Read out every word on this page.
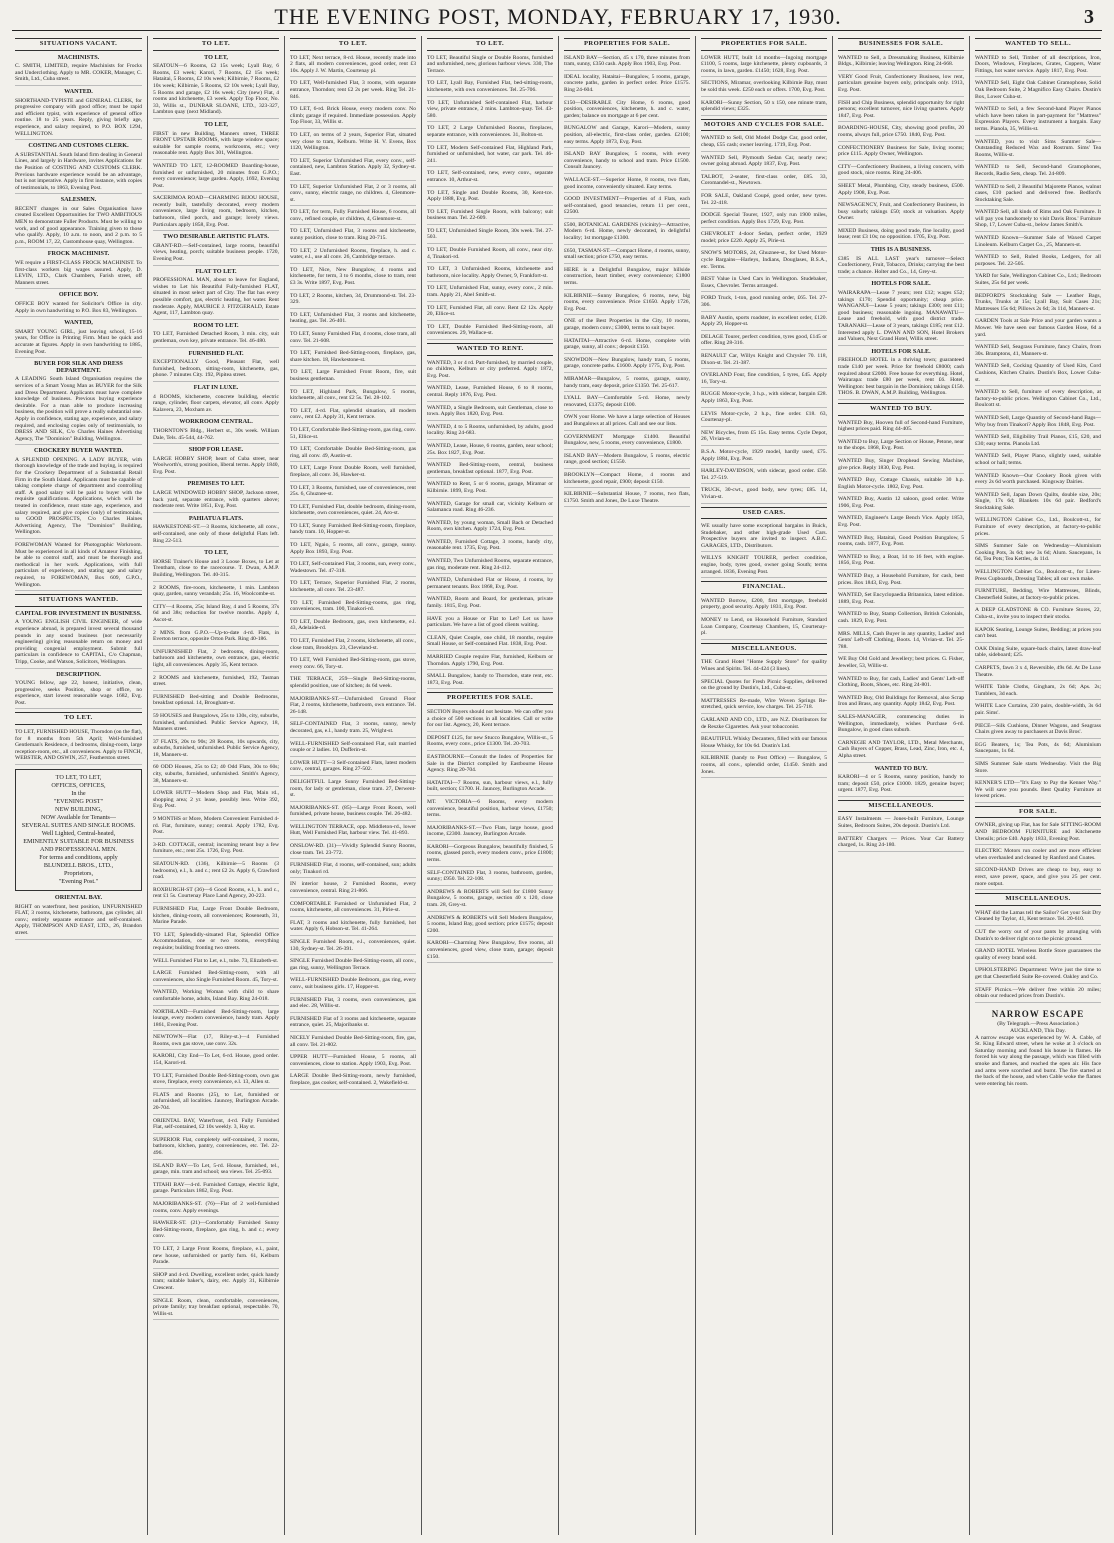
THE EVENING POST, MONDAY, FEBRUARY 17, 1930.	3
SITUATIONS VACANT.
MACHINISTS.
C. SMITH, LIMITED, require Machinists for Frocks and Underclothing. Apply to MR. COKER, Manager, C. Smith, Ltd., Cuba street.
WANTED.
SHORTHAND-TYPISTE and GENERAL CLERK, for progressive company with good office; must be rapid and efficient typist, with experience of general office routine. 18 to 25 years. Reply, giving briefly age, experience, and salary required, to P.O. BOX 1294, WELLINGTON.
COSTING AND CUSTOMS CLERK.
A SUBSTANTIAL South Island firm dealing in General Lines, and largely in Hardware, invites Applications for the Position of COSTING AND CUSTOMS CLERK. Previous hardware experience would be an advantage, but is not imperative. Apply in first instance, with copies of testimonials, to 1863, Evening Post.
SALESMEN.
RECENT changes in our Sales Organisation have created Excellent Opportunities for TWO AMBITIOUS MEN to demonstrate Fuller Products. Must be willing to work, and of good appearance. Training given to those who qualify. Apply, 10 a.m. to noon, and 2 p.m. to 5 p.m., ROOM 17, 22, Customhouse quay, Wellington.
FROCK MACHINIST.
WE require a FIRST-CLASS FROCK MACHINIST. To first-class workers big wages assured. Apply, D. LEVIN, LTD., Clark Chambers, Farish street, off Manners street.
OFFICE BOY.
OFFICE BOY wanted for Solicitor's Office in city. Apply in own handwriting to P.O. Box 83, Wellington.
WANTED,
SMART YOUNG GIRL, just leaving school, 15-16 years, for Office in Printing Firm. Must be quick and accurate at figures. Apply in own handwriting to 1885, Evening Post.
BUYER FOR SILK AND DRESS DEPARTMENT.
A LEADING South Island Organisation requires the services of a Smart Young Man as BUYER for the Silk and Dress Department. Applicants must have complete knowledge of business. Previous buying experience desirable. For a man able to produce increasing business, the position will prove a really substantial one. Apply in confidence, stating age, experience, and salary required, and enclosing copies only of testimonials, to DRESS AND SILK, C/o Charles Haines Advertising Agency, The "Dominion" Building, Wellington.
CROCKERY BUYER WANTED.
A SPLENDID OPENING. A LADY BUYER, with thorough knowledge of the trade and buying, is required for the Crockery Department of a Substantial Retail Firm in the South Island. Applicants must be capable of taking complete charge of department and controlling staff. A good salary will be paid to buyer with the requisite qualifications. Applications, which will be treated in confidence, must state age, experience, and salary required, and give copies (only) of testimonials, to GOOD PROSPECTS, C/o Charles Haines Advertising Agency, The "Dominion" Building, Wellington.
FOREWOMAN Wanted for Photographic Workroom. Must be experienced in all kinds of Amateur Finishing, be able to control staff, and must be thorough and methodical in her work. Applications, with full particulars of experience, and stating age and salary required, to FOREWOMAN, Box 609, G.P.O., Wellington.
SITUATIONS WANTED.
CAPITAL FOR INVESTMENT IN BUSINESS.
A YOUNG ENGLISH CIVIL ENGINEER, of wide experience abroad, is prepared invest several thousand pounds in any sound business (not necessarily engineering) giving reasonable return on money and providing congenial employment. Submit full particulars in confidence to CAPITAL, C/o Chapman, Tripp, Cooke, and Watson, Solicitors, Wellington.
DESCRIPTION.
YOUNG fellow, age 22, honest, initiative, clean, progressive, seeks Position, shop or office, no experience, start lowest reasonable wage. 1682, Evg. Post.
TO LET.
TO LET, FURNISHED HOUSE, Thorndon (on the flat), for 8 months from 5th April; Well-furnished Gentleman's Residence, 4 bedrooms, dining-room, large reception-room, etc., all conveniences. Apply to FINCH, WEBSTER, AND OSWIN, 257, Featherston street.
TO LET, TO LET,
OFFICES, OFFICES,
In the
"EVENING POST"
NEW BUILDING,
NOW Available for Tenants—
SEVERAL SUITES AND SINGLE ROOMS.
Well Lighted, Central-heated,
EMINENTLY SUITABLE FOR BUSINESS AND PROFESSIONAL MEN.
For terms and conditions, apply
BLUNDELL BROS., LTD.,
Proprietors,
"Evening Post."
ORIENTAL BAY.
RIGHT on waterfront, best position, UNFURNISHED FLAT, 3 rooms, kitchenette, bathroom, gas cylinder, all conv.; entirely separate entrance and self-contained. Apply, THOMPSON AND EAST, LTD., 26, Brandon street.
TO LET.
TO LET,
SEATOUN—6 Rooms, £2 15s week; Lyall Bay, 6 Rooms, £3 week; Karori, 7 Rooms, £2 15s week; Hataitai, 5 Rooms, £2 10s week; Kilbirnie, 7 Rooms, £2 10s week; Kilbirnie, 5 Rooms, £2 10s week; Lyall Bay, 5 Rooms and garage, £2 16s week; City (new) Flat, 4 rooms and kitchenette, £3 week. Apply Top Floor, No. 33, Willis st., DUNBAR SLOANE, LTD., 323-327, Lambton quay (next Midland).
TO LET,
FIRST in new Building, Manners street, THREE FRONT UPSTAIR ROOMS, with large window space; suitable for sample rooms, workrooms, etc.; very reasonable rent. Apply Box 301, Wellington.
WANTED TO LET, 12-ROOMED Boarding-house, furnished or unfurnished, 20 minutes from G.P.O.; every convenience; large garden. Apply, 1692, Evening Post.
SACERIMOA ROAD—CHARMING BIJOU HOUSE, recently built, tastefully decorated, every modern convenience, large living room, bedroom, kitchen, bathroom, tiled porch, and garage; lovely views. Particulars apply 1858, Evg. Post.
TWO DESIRABLE ARTISTIC FLATS.
GRANT-RD.—Self-contained, large rooms, beautiful views, heating, porch; suitable business people. 1720, Evening Post.
FLAT TO LET.
PROFESSIONAL MAN, about to leave for England, wishes to Let his Beautiful Fully-furnished FLAT, situated in most select part of City. The flat has every possible comfort, gas, electric heating, hot water. Rent moderate. Apply, MAURICE J. FITZGERALD, Estate Agent, 117, Lambton quay.
ROOM TO LET.
TO LET, Furnished Detached Room, 3 min. city, suit gentleman, own key, private entrance. Tel. 46-480.
FURNISHED FLAT.
EXCEPTIONALLY Good, Pleasant Flat, well furnished, bedroom, sitting-room, kitchenette, gas, phone. 7 minutes City. 192, Pipitea street.
FLAT IN LUXE.
4 ROOMS, kitchenette, concrete building, electric range, cylinder, floor carpets, elevator, all conv. Apply Kalavera, 23, Moxham av.
WORKROOM CENTRAL.
THORNTON'S Bldg., Herbert st., 30s week. William Dale, Tels. 45-544, 44-762.
SHOP FOR LEASE.
LARGE HOBBY SHOP, heart of Cuba street, near Woolworth's, strong position, liberal terms. Apply 1840, Evg. Post.
PREMISES TO LET.
LARGE WINDOWED HOBBY SHOP, Jackson street, back yard, separate entrance, with quarters above; moderate rent. Write 1851, Evg. Post.
PAHIATUA FLATS.
HAWKESTONE-ST.—3 Rooms, kitchenette, all conv., self-contained, one only of those delightful Flats left. Ring 22-513.
TO LET,
HORSE Trainer's House and 3 Loose Boxes, to Let at Trentham, close to the racecourse. T. Dwan, A.M.P. Building, Wellington. Tel. 40-315.
2 ROOMS, fire-room, kitchenette, 1 min. Lambton quay, garden, sunny verandah; 25s. 16, Woolcombe-st.
CITY—4 Rooms, 25s; Island Bay, 4 and 5 Rooms, 37s 6d and 38s; reduction for twelve months. Apply 4, Ascot-st.
2 MINS. from G.P.O.—Up-to-date 4-rd. Flats, in Everton terrace, opposite Orton Park. Ring 40-186.
UNFURNISHED Flat, 2 bedrooms, dining-room, bathroom and kitchenette, own entrance, gas, electric light, all conveniences. Apply 35, Kent terrace.
2 ROOMS and kitchenette, furnished, 192, Tasman street.
FURNISHED Bed-sitting and Double Bedrooms, breakfast optional. 14, Brougham-st.
59 HOUSES and Bungalows, 25s to 130s, city, suburbs, furnished, unfurnished. Public Service Agency, 18, Manners street.
37 FLATS, 20s to 90s; 28 Rooms, 10s upwards, city, suburbs, furnished, unfurnished. Public Service Agency, 18, Manners-st.
60 ODD Houses, 25s to £2; 40 Odd Flats, 30s to 60s; city, suburbs, furnished, unfurnished. Smith's Agency, 38, Manners-st.
LOWER HUTT—Modern Shop and Flat, Main rd., shopping area; 2 yr. lease, possibly less. Write 392, Evg. Post.
9 MONTHS or More, Modern Convenient Furnished 4-rd. Flat, furniture, sunny; central. Apply 1782, Evg. Post.
3-RD. COTTAGE, central; incoming tenant buy a few furniture, etc.; rent 25s. 1726, Evg. Post.
SEATOUN-RD. (136), Kilbirnie—5 Rooms (3 bedrooms), e.l., h. and c.; rent £2 2s. Apply 6, Crawford road.
ROXBURGH-ST (36)—6 Good Rooms, e.l., h. and c., rent £1 5s. Courtenay Place Land Agency, 20-223.
FURNISHED Flat, Large Front Double Bedroom, kitchen, dining-room, all conveniences; Roseneath, 31, Marine Parade.
TO LET, Splendidly-situated Flat, Splendid Office Accommodation, one or two rooms, everything requisite; building fronting two streets.
WELL Furnished Flat to Let, e.l., tube. 73, Elizabeth-st.
LARGE Furnished Bed-Sitting-room, with all conveniences, also Single Furnished Room. 45, Tory-st.
WANTED, Working Woman with child to share comfortable home, adults, Island Bay. Ring 24-018.
NORTHLAND—Furnished Bed-Sitting-room, large lounge, every modern convenience, handy tram. Apply 1861, Evening Post.
NEWTOWN—Flat (17, Riley-st.)—4 Furnished Rooms, own gas stove, use conv. 32s.
KARORI, City End—To Let, 6-rd. House, good order. 154, Karori-rd.
TO LET, Furnished Double Bed-Sitting-room, own gas stove, fireplace, every convenience, e.l. 13, Allen st.
FLATS and Rooms (25), to Let, furnished or unfurnished, all localities. Jauncey, Burlington Arcade. 20-704.
ORIENTAL BAY, Waterfront, 4-rd. Fully Furnished Flat, self-contained, £2 10s weekly. 3, Hay st.
SUPERIOR Flat, completely self-contained, 3 rooms, bathroom, kitchen, pantry, conveniences, etc. Tel. 22-496.
ISLAND BAY—To Let, 5-rd. House, furnished, tel., garage, min. tram and school; sea views. Tel. 25-093.
TITAHI BAY—4-rd. Furnished Cottage, electric light, garage. Particulars 1862, Evg. Post.
MAJORIBANKS-ST. (76)—Flat of 2 well-furnished rooms, conv. Apply evenings.
HAWKER-ST. (21)—Comfortably Furnished Sunny Bed-Sitting-room, fireplace, gas ring, h. and c.; every conv.
TO LET, 2 Large Front Rooms, fireplace, e.l., paint, new house, unfurnished or partly furn. 61, Kelburn Parade.
SHOP and 4-rd. Dwelling, excellent order, quick handy tram; suitable baker's, dairy, etc. Apply 31, Kilbirnie Crescent.
SINGLE Room, clean, comfortable, conveniences, private family; tray breakfast optional, respectable. 70, Willis-st.
TO LET.
TO LET, Next terrace, 8-rd. House, recently made into 2 flats, all modern conveniences, good order, rent £3 10s. Apply J. W. Martin, Courtenay pl.
TO LET, Well-furnished Flat, 3 rooms, with separate entrance, Thorndon; rent £2 2s per week. Ring Tel. 21-846.
TO LET, 6-rd. Brick House, every modern conv. No climb; garage if required. Immediate possession. Apply Top Floor, 33, Willis st.
TO LET, on terms of 2 years, Superior Flat, situated very close to tram, Kelburn. Write H. V. Evens, Box 1120, Wellington.
TO LET, Superior Unfurnished Flat, every conv., self-contained, new, Lambton Station. Apply 32, Sydney-st. East.
TO LET, Superior Unfurnished Flat, 2 or 3 rooms, all conv., sunny, electric range, no children. 4, Glenmore-st.
TO LET, for term, Fully Furnished House, 6 rooms, all conv., refined couple, or children, 4, Glenmore-st.
TO LET, Unfurnished Flat, 3 rooms and kitchenette, sunny position, close to tram. Ring 20-715.
TO LET, 2 Unfurnished Rooms, fireplace, h. and c. water, e.l., use all conv. 26, Cambridge terrace.
TO LET, Nice, New Bungalow, 4 rooms and kitchenette, for term, 3 to 6 months, close to tram, rent £3 3s. Write 1897, Evg. Post.
TO LET, 2 Rooms, kitchen, 34, Drummond-st. Tel. 23-329.
TO LET, Unfurnished Flat, 3 rooms and kitchenette, heating, gas. Tel. 26-401.
TO LET, Sunny Furnished Flat, 4 rooms, close tram, all conv. Tel. 21-608.
TO LET, Furnished Bed-Sitting-room, fireplace, gas, share kitchen. 18, Hawkestone-st.
TO LET, Large Furnished Front Room, fire, suit business gentleman.
TO LET, Highland Park, Bungalow, 5 rooms, kitchenette, all conv., rent £2 5s. Tel. 28-102.
TO LET, 4-rd. Flat, splendid situation, all modern conv., rent £2. Apply 31, Kent terrace.
TO LET, Comfortable Bed-Sitting-room, gas ring, conv. 51, Ellice-st.
TO LET, Comfortable Double Bed-Sitting-room, gas ring, all conv. 49, Austin-st.
TO LET, Large Front Double Room, well furnished, fireplace, all conv. 36, Hawker-st.
TO LET, 3 Rooms, furnished, use of conveniences, rent 25s. 6, Ghuznee-st.
TO LET, Furnished Flat, double bedroom, dining-room, kitchenette, own conveniences, quiet. 24, Aro-st.
TO LET, Sunny Furnished Bed-Sitting-room, fireplace, handy tram. 10, Hopper-st.
TO LET, Ngaio, 5 rooms, all conv., garage, sunny. Apply Box 1893, Evg. Post.
TO LET, Self-contained Flat, 3 rooms, sun, every conv., Wadestown. Tel. 47-318.
TO LET, Terrace, Superior Furnished Flat, 2 rooms, kitchenette, all conv. Tel. 23-487.
TO LET, Furnished Bed-Sitting-rooms, gas ring, conveniences, tram. 100, Tinakori-rd.
TO LET, Double Bedroom, gas, own kitchenette, e.l. 43, Adelaide-rd.
TO LET, Furnished Flat, 2 rooms, kitchenette, all conv., close tram, Brooklyn. 23, Cleveland-st.
TO LET, Well Furnished Bed-Sitting-room, gas stove, every conv. 66, Tory-st.
THE TERRACE, 259—Single Bed-Sitting-rooms, splendid position, use of kitchen; 4s 6d week.
MAJORIBANKS-ST.—Unfurnished Ground Floor Flat, 2 rooms, kitchenette, bathroom, own entrance. Tel. 26-148.
SELF-CONTAINED Flat, 3 rooms, sunny, newly decorated, gas, e.l., handy tram. 25, Wright-st.
WELL-FURNISHED Self-contained Flat, suit married couple or 2 ladies. 10, Dufferin-st.
LOWER HUTT—3 Self-contained Flats, latest modern conv., central, garages. Ring 27-502.
DELIGHTFUL Large Sunny Furnished Bed-Sitting-room, for lady or gentleman, close tram. 27, Derwent-st.
MAJORIBANKS-ST. (85)—Large Front Room, well furnished, private house, business couple. Tel. 26-482.
WELLINGTON TERRACE, opp. Middleton-rd., lower Hutt, Well Furnished Flat, harbour view. Tel. 41-893.
ONSLOW-RD. (31)—Vividly Splendid Sunny Rooms, close tram. Tel. 23-772.
FURNISHED Flat, 4 rooms, self-contained, sun; adults only; Tinakori rd.
IN interior house, 2 Furnished Rooms, every convenience, central. Ring 21-866.
COMFORTABLE Furnished or Unfurnished Flat, 2 rooms, kitchenette, all conveniences. 31, Pirie-st.
FLAT, 3 rooms and kitchenette, fully furnished, hot water. Apply 6, Hobson-st. Tel. 41-264.
SINGLE Furnished Room, e.l., conveniences, quiet. 130, Sydney-st. Tel. 26-391.
SINGLE Furnished Double Bed-Sitting-room, all conv., gas ring, sunny, Wellington Terrace.
WELL-FURNISHED Double Bedroom, gas ring, every conv., suit business girls. 17, Hopper-st.
FURNISHED Flat, 3 rooms, own conveniences, gas and elec. 28, Willis-st.
FURNISHED Flat of 3 rooms and kitchenette, separate entrance, quiet. 25, Majoribanks st.
NICELY Furnished Double Bed-Sitting-room, fire, gas, all conv. Tel. 21-802.
UPPER HUTT—Furnished House, 5 rooms, all conveniences, close to station. Apply 1903, Evg. Post.
LARGE Double Bed-Sitting-room, newly furnished, fireplace, gas cooker, self-contained. 2, Wakefield-st.
TO LET.
TO LET, Beautiful Single or Double Rooms, furnished and unfurnished, new, glorious harbour views. 330, The Terrace.
TO LET, Lyall Bay, Furnished Flat, bed-sitting-room, kitchenette, with own conveniences. Tel. 25-706.
TO LET, Unfurnished Self-contained Flat, harbour view, private entrance, 2 mins. Lambton-quay. Tel. 43-580.
TO LET, 2 Large Unfurnished Rooms, fireplaces, separate entrance, with conveniences. 31, Bolton-st.
TO LET, Modern Self-contained Flat, Highland Park, furnished or unfurnished, hot water, car park. Tel. 46-241.
TO LET, Self-contained, new, every conv., separate entrance. 10, Arthur-st.
TO LET, Single and Double Rooms, 30, Kent-tce. Apply 1888, Evg. Post.
TO LET, Furnished Single Room, with balcony; suit business man. Tel. 22-609.
TO LET, Unfurnished Single Room, 30s week. Tel. 27-503.
TO LET, Double Furnished Room, all conv., near city. 4, Tinakori-rd.
TO LET, 3 Unfurnished Rooms, kitchenette and bathroom, nice locality. Apply Owner, 9, Frankfort-st.
TO LET, Unfurnished Flat, sunny, every conv., 2 min. tram. Apply 21, Abel Smith-st.
TO LET, Furnished Flat, all conv. Rent £2 12s. Apply 20, Ellice-st.
TO LET, Double Furnished Bed-Sitting-room, all conveniences. 29, Wallace-st.
WANTED TO RENT.
WANTED, 3 or 4 rd. Part-furnished, by married couple, no children, Kelburn or city preferred. Apply 1872, Evg. Post.
WANTED, Lease, Furnished House, 6 to 8 rooms, central. Reply 1876, Evg. Post.
WANTED, a Single Bedroom, suit Gentleman, close to town. Apply Box 1820, Evg. Post.
WANTED, 4 to 5 Rooms, unfurnished, by adults, good locality. Ring 24-683.
WANTED, Lease, House, 6 rooms, garden, near school; 25s. Box 1827, Evg. Post.
WANTED Bed-Sitting-room, central, business gentleman, breakfast optional. 1877, Evg. Post.
WANTED to Rent, 5 or 6 rooms, garage, Miramar or Kilbirnie. 1899, Evg. Post.
WANTED, Garage for small car, vicinity Kelburn or Salamanca road. Ring 46-236.
WANTED, by young woman, Small Bach or Detached Room, own kitchen. Apply 1724, Evg. Post.
WANTED, Furnished Cottage, 3 rooms, handy city, reasonable rent. 1735, Evg. Post.
WANTED, Two Unfurnished Rooms, separate entrance, gas ring, moderate rent. Ring 24-412.
WANTED, Unfurnished Flat or House, 4 rooms, by permanent tenants. Box 1868, Evg. Post.
WANTED, Room and Board, for gentleman, private family. 1815, Evg. Post.
HAVE you a House or Flat to Let? Let us have particulars. We have a list of good clients waiting.
CLEAN, Quiet Couple, one child, 18 months, require Small House, or Self-contained Flat. 1838, Evg. Post.
MARRIED Couple require Flat, furnished, Kelburn or Thorndon. Apply 1790, Evg. Post.
SMALL Bungalow, handy to Thorndon, state rent, etc. 1873, Evg. Post.
PROPERTIES FOR SALE.
SECTION Buyers should not hesitate. We can offer you a choice of 500 sections in all localities. Call or write for our list. Agency, 20, Kent terrace.
DEPOSIT £125, for new Stucco Bungalow, Willis-st., 5 Rooms, every conv., price £1300. Tel. 20-703.
EASTBOURNE—Consult the Index of Properties for Sale in the District compiled by Eastbourne House Agency. Ring 20-704.
HATAITAI—7 Rooms, sun, harbour views, e.l., fully built, section; £1700. H. Jauncey, Burlington Arcade.
MT. VICTORIA—6 Rooms, every modern convenience, beautiful position, harbour views, £1750; terms.
MAJORIBANKS-ST.—Two Flats, large house, good income, £2300. Jauncey, Burlington Arcade.
KARORI—Gorgeous Bungalow, beautifully finished, 5 rooms, glassed porch, every modern conv., price £1800; terms.
SELF-CONTAINED Flat, 3 rooms, bathroom, garden, sunny; £950. Tel. 22-108.
ANDREWS & ROBERTS will Sell for £1800 Sunny Bungalow, 5 rooms, garage, section 40 x 120, close tram. 28, Grey-st.
ANDREWS & ROBERTS will Sell Modern Bungalow, 5 rooms, Island Bay, good section; price £1575; deposit £200.
KARORI—Charming New Bungalow, five rooms, all conveniences, good view, close tram, garage; deposit £150.
PROPERTIES FOR SALE.
ISLAND BAY—Section, 45 x 170, three minutes from tram, sunny, £350 cash. Apply Box 1903, Evg. Post.
IDEAL locality, Hataitai—Bungalow, 5 rooms, garage, concrete paths, garden in perfect order. Price £1575. Ring 24-604.
£150—DESIRABLE City Home, 6 rooms, good position, conveniences, kitchenette, h. and c. water, garden; balance on mortgage at 6 per cent.
BUNGALOW and Garage, Karori—Modern, sunny position, all-electric, first-class order, garden. £2100; easy terms. Apply 1873, Evg. Post.
ISLAND BAY Bungalow, 5 rooms, with every convenience, handy to school and tram. Price £1500. Consult Jauncey.
WALLACE-ST.—Superior Home, 8 rooms, two flats, good income, conveniently situated. Easy terms.
GOOD INVESTMENT—Properties of 4 Flats, each self-contained, good tenancies, return 11 per cent., £2500.
£500, BOTANICAL GARDENS (vicinity)—Attractive, Modern 6-rd. Home, newly decorated, in delightful locality; 1st mortgage £1300.
£650, TASMAN-ST.—Compact Home, 4 rooms, sunny, small section; price £750, easy terms.
HERE is a Delightful Bungalow, major hillside construction, heart timber, every convenience; £1800 terms.
KILBIRNIE—Sunny Bungalow, 6 rooms, new, big rooms, every convenience. Price £1650. Apply 1726, Evg. Post.
ONE of the Best Properties in the City, 10 rooms, garage, modern conv.; £3000, terms to suit buyer.
HATAITAI—Attractive 6-rd. Home, complete with garage, sunny, all conv.; deposit £150.
SNOWDON—New Bungalow, handy tram, 5 rooms, garage, concrete paths. £1600. Apply 1775, Evg. Post.
MIRAMAR—Bungalow, 5 rooms, garage, sunny, handy tram, easy deposit, price £1350. Tel. 25-617.
LYALL BAY—Comfortable 5-rd. Home, newly renovated, £1375; deposit £100.
OWN your Home. We have a large selection of Houses and Bungalows at all prices. Call and see our lists.
GOVERNMENT Mortgage £1400. Beautiful Bungalow, new, 5 rooms, every convenience, £1800.
ISLAND BAY—Modern Bungalow, 5 rooms, electric range, good section; £1550.
BROOKLYN—Compact Home, 4 rooms and kitchenette, good repair, £900; deposit £150.
KILBIRNIE—Substantial House, 7 rooms, two flats, £1750. Smith and Jones, De Luxe Theatre.
PROPERTIES FOR SALE.
LOWER HUTT, built 14 months—Ingoing mortgage £1100, 5 rooms, large kitchenette, plenty cupboards, 3 rooms, in lawn, garden. £1450; 1628, Evg. Post.
SECTIONS, Miramar, overlooking Kilbirnie Bay, must be sold this week. £250 each or offers. 1700, Evg. Post.
KARORI—Sunny Section, 50 x 150, one minute tram, splendid views; £325.
MOTORS AND CYCLES FOR SALE.
WANTED to Sell, Old Model Dodge Car, good order, cheap, £55 cash; owner leaving. 1719, Evg. Post.
WANTED Sell, Plymouth Sedan Car, nearly new; owner going abroad. Apply 1837, Evg. Post.
TALBOT, 2-seater, first-class order, £85. 33, Coromandel-st., Newtown.
FOR SALE, Oakland Coupé, good order, new tyres. Tel. 22-418.
DODGE Special Tourer, 1927, only run 1900 miles, perfect condition. Apply Box 1729, Evg. Post.
CHEVROLET 4-door Sedan, perfect order, 1929 model; price £220. Apply 25, Pirie-st.
SNOW'S MOTORS, 24, Ghuznee-st., for Used Motor-cycle Bargains—Harleys, Indians, Douglases, B.S.A., etc. Terms.
BEST Value in Used Cars in Wellington. Studebaker, Essex, Chevrolet. Terms arranged.
FORD Truck, 1-ton, good running order, £65. Tel. 27-306.
BABY Austin, sports roadster, in excellent order, £120. Apply 29, Hopper-st.
DELAGE Tourer, perfect condition, tyres good, £145 or offer. Ring 28-316.
RENAULT Car, Willys Knight and Chrysler 70. 118, Dixon-st. Tel. 21-387.
OVERLAND Four, fine condition, 5 tyres, £45. Apply 16, Tory-st.
RUGGE Motor-cycle, 3 h.p., with sidecar, bargain £28. Apply 1863, Evg. Post.
LEVIS Motor-cycle, 2 h.p., fine order. £18. 63, Courtenay-pl.
NEW Bicycles, from £5 15s. Easy terms. Cycle Depot, 26, Vivian-st.
B.S.A. Motor-cycle, 1929 model, hardly used, £75. Apply 1884, Evg. Post.
HARLEY-DAVIDSON, with sidecar, good order. £50. Tel. 27-519.
TRUCK, 30-cwt., good body, new tyres; £85. 14, Vivian-st.
USED CARS.
WE usually have some exceptional bargains in Buick, Studebaker, and other high-grade Used Cars. Prospective buyers are invited to inspect. A.B.C. GARAGES, LTD., Distributors.
WILLYS KNIGHT TOURER, perfect condition, engine, body, tyres good, owner going South; terms arranged. 1836, Evening Post.
FINANCIAL.
WANTED Borrow, £200, first mortgage, freehold property, good security. Apply 1831, Evg. Post.
MONEY to Lend, on Household Furniture, Standard Loan Company, Courtenay Chambers, 15, Courtenay-pl.
MISCELLANEOUS.
THE Grand Hotel "Home Supply Store" for quality Wines and Spirits. Tel. 44-424 (3 lines).
SPECIAL Quotes for Fresh Picnic Supplies, delivered on the ground by Dustin's, Ltd., Cuba-st.
MATTRESSES Re-made, Wire Woven Springs Re-stretched, quick service, low charges. Tel. 25-718.
GARLAND AND CO., LTD., are N.Z. Distributors for de Reszke Cigarettes. Ask your tobacconist.
BEAUTIFUL Whisky Decanters, filled with our famous House Whisky, for 10s 6d. Dustin's Ltd.
KILBIRNIE (handy to Post Office) — Bungalow, 5 rooms, all conv., splendid order, £1450. Smith and Jones.
BUSINESSES FOR SALE.
WANTED to Sell, a Dressmaking Business, Kilbirnie Bldgs., Kilbirnie; leaving Wellington. Ring 24-668.
VERY Good Fruit, Confectionery Business, low rent, particulars genuine buyers only, principals only. 1913, Evg. Post.
FISH and Chip Business, splendid opportunity for right persons; excellent turnover, nice living quarters. Apply 1847, Evg. Post.
BOARDING-HOUSE, City, showing good profits, 20 rooms, always full, price £750. 1840, Evg. Post.
CONFECTIONERY Business for Sale, living rooms; price £115. Apply Owner, Wellington.
CITY—Confectionery Business, a living concern, with good stock, nice rooms. Ring 24-406.
SHEET Metal, Plumbing, City, steady business, £500. Apply 1908, Evg. Post.
NEWSAGENCY, Fruit, and Confectionery Business, in busy suburb; takings £50; stock at valuation. Apply Owner.
MIXED Business, doing good trade, fine locality, good lease; rent £3 10s; no opposition. 1705, Evg. Post.
THIS IS A BUSINESS.
£385 IS ALL LAST year's turnover—Select Confectionery, Fruit, Tobacco, Drinks; carrying the best trade; a chance. Holter and Co., 14, Grey-st.
HOTELS FOR SALE.
WAIRARAPA—Lease 7 years; rent £12; wages £52; takings £170; Spendid opportunity; cheap price. WANGANUI—Lease 5 years; takings £300; rent £11; good business; reasonable ingoing. MANAWATU—Lease and freehold, with good district trade. TARANAKI—Lease of 3 years, takings £185; rent £12. Interested apply L. DWAN AND SON, Hotel Brokers and Valuers, Next Grand Hotel, Willis street.
HOTELS FOR SALE.
FREEHOLD HOTEL in a thriving town; guaranteed trade £140 per week. Price for freehold £8000; cash required about £2000. Free house for everything. Hotel, Wairarapa: trade £80 per week, rent £6. Hotel, Wellington: best bargain in the Dominion; takings £150. THOS. B. DWAN, A.M.P. Building, Wellington.
WANTED TO BUY.
WANTED Buy, Hooven full of Second-hand Furniture, highest prices paid. Ring 44-405.
WANTED to Buy, Large Section or House, Petone, near to the shops. 1868, Evg. Post.
WANTED Buy, Singer Drophead Sewing Machine, give price. Reply 1830, Evg. Post.
WANTED Buy, Cottage Chassis, suitable 30 h.p. English Motor-cycle. 1802, Evg. Post.
WANTED Buy, Austin 12 saloon, good order. Write 1906, Evg. Post.
WANTED, Engineer's Large Bench Vice. Apply 1853, Evg. Post.
WANTED Buy, Hataitai, Good Position Bungalow, 5 rooms, cash. 1877, Evg. Post.
WANTED to Buy, a Boat, 14 to 16 feet, with engine. 1856, Evg. Post.
WANTED Buy, a Household Furniture, for cash, best prices. Box 1843, Evg. Post.
WANTED, Set Encyclopaedia Britannica, latest edition. 1889, Evg. Post.
WANTED to Buy, Stamp Collection, British Colonials, cash. 1829, Evg. Post.
MRS. MILLS, Cash Buyer in any quantity, Ladies' and Gents' Left-off Clothing, Boots. 14, Vivian-st. Tel. 25-788.
WE Buy Old Gold and Jewellery; best prices. G. Fisher, Jeweller, 53, Willis-st.
WANTED to Buy, for cash, Ladies' and Gents' Left-off Clothing, Boots, Shoes, etc. Ring 24-801.
WANTED Buy, Old Buildings for Removal, also Scrap Iron and Brass, any quantity. Apply 1842, Evg. Post.
SALES-MANAGER, commencing duties in Wellington, immediately, wishes Purchase 6-rd. Bungalow, in good class suburb.
CARNEGIE AND TAYLOR, LTD., Metal Merchants, Cash Buyers of Copper, Brass, Lead, Zinc, Iron, etc. 4, Alpha street.
WANTED TO BUY.
KARORI—4 or 5 Rooms, sunny position, handy to tram; deposit £50, price £1000. 1829, genuine buyer; urgent. 1877, Evg. Post.
MISCELLANEOUS.
EASY Instalments — Jones-built Furniture, Lounge Suites, Bedroom Suites, 20s deposit. Dustin's Ltd.
BATTERY Chargers — Prices. Your Car Battery charged, 1s. Ring 24-180.
WANTED TO SELL.
WANTED to Sell, Timber of all descriptions, Iron, Doors, Windows, Fireplaces, Grates, Coppers, Water Fittings, hot water service. Apply 1817, Evg. Post.
WANTED Sell, Eight Oak Cabinet Gramophone, Solid Oak Bedroom Suite, 2 Magnifico Easy Chairs. Dustin's Box, Lower Cuba-st.
WANTED to Sell, a few Second-hand Player Pianos which have been taken in part-payment for "Mattress" Expression Players. Every instrument a bargain. Easy terms. Pianola, 35, Willis-st.
WANTED, you to visit Sims Summer Sale—Outstanding Reduced Wax and Rostrum. Sims' Tea Rooms, Willis-st.
WANTED to Sell, Second-hand Gramophones, Records, Radio Sets, cheap. Tel. 24-809.
WANTED to Sell, 2 Beautiful Majorette Pianos, walnut cases, £10 packed and delivered free. Bedford's Stocktaking Sale.
WANTED Sell, all kinds of Rims and Oak Furniture. It will pay you handsomely to visit Davis Bros.' Furniture Shop, 17, Lower Cuba-st., below James Smith's.
WANTED Known—Summer Sale of Waxed Carpet Linoleum. Kelburn Carpet Co., 25, Manners-st.
WANTED to Sell, Ruled Books, Ledgers, for all purposes. Tel. 22-505.
YARD for Sale, Wellington Cabinet Co., Ltd.; Bedroom Suites, 25s 6d per week.
BEDFORD'S Stocktaking Sale — Leather Bags, Trunks, Trunks at 15s; Lyall Bay, Suit Cases 21s; Mattresses 15s 6d; Pillows 2s 6d; 3s 11d, Manners-st.
GARDEN Tools at Sale Price and your garden wants a Mower. We have seen our famous Garden Hose, 6d a yard.
WANTED Sell, Seagrass Furniture, fancy Chairs, from 30s. Bramptons, 41, Manners-st.
WANTED Sell, Cocking Quantity of Used Kits, Cord Cushions, Kitchen Chairs. Dustin's Box, Lower Cuba-st.
WANTED to Sell, furniture of every description, at factory-to-public prices. Wellington Cabinet Co., Ltd., Boulcott st.
WANTED Sell, Large Quantity of Second-hand Bags—Why buy from Tinakori? Apply Box 1848, Evg. Post.
WANTED Sell, Eligibility Trail Pianos, £15, £20, and £30; easy terms. Pianola Ltd.
WANTED Sell, Player Piano, slightly used, suitable school or hall; terms.
WANTED Known—Our Cookery Book given with every 2s 6d worth purchased. Kingsway Dairies.
WANTED Sell, Japan Down Quilts, double size, 20s; Single, 17s 6d; Blankets 10s 6d pair. Bedford's Stocktaking Sale.
WELLINGTON Cabinet Co., Ltd., Boulcott-st., for Furniture of every description, at factory-to-public prices.
SIMS Summer Sale on Wednesday—Aluminium Cooking Pots, 3s 6d; new 3s 6d; Alum. Saucepans, 1s 6d, Tea Pots; Tea Kettles, 4s 11d.
WELLINGTON Cabinet Co., Boulcott-st., for Linen-Press Cupboards, Dressing Tables; all our own make.
FURNITURE, Bedding, Wire Mattresses, Blinds, Chesterfield Suites, at factory-to-public prices.
A DEEP GLADSTONE & CO. Furniture Stores, 22, Cuba-st., invite you to inspect their stocks.
KAPOK Seating, Lounge Suites, Bedding; at prices you can't beat.
OAK Dining Suite, square-back chairs, latest draw-leaf table, sideboard; £25.
CARPETS, fawn 3 x 4, Reversible, 49s 6d. At De Luxe Theatre.
WHITE Table Cloths, Gingham, 2s 6d; Aps. 2s; Tumblers, 3d each.
WHITE Lace Curtains, 230 pairs, double-width, 3s 6d pair. Sims'.
PIECE—Silk Cushions, Dinner Wagons, and Seagrass Chairs given away to purchasers at Davis Bros'.
EGG Beaters, 1s; Tea Pots, 4s 6d; Aluminium Saucepans, 1s 6d.
SIMS Summer Sale starts Wednesday. Visit the Big Store.
KENNER'S LTD—"It's Easy to Pay the Kenner Way." We will save you pounds. Best Quality Furniture at lowest prices.
FOR SALE.
OWNER, giving up Flat, has for Sale SITTING-ROOM AND BEDROOM FURNITURE and Kitchenette Utensils; price £40. Apply 1833, Evening Post.
ELECTRIC Motors run cooler and are more efficient when overhauled and cleaned by Ranford and Coates.
SECOND-HAND Drives are cheap to buy, easy to erect, save power, space, and give you 25 per cent. more output.
MISCELLANEOUS.
WHAT did the Lamas tell the Sailor? Get your Suit Dry Cleaned by Taylor, 41, Kent terrace. Tel. 20-610.
CUT the worry out of your pants by arranging with Dustin's to deliver right on to the picnic ground.
GRAND HOTEL Wireless Bottle Store guarantees the quality of every brand sold.
UPHOLSTERING Department: We're just the time to get that Chesterfield Suite Re-covered. Oakley and Co.
STAFF Picnics.—We deliver free within 20 miles; obtain our reduced prices from Dustin's.
NARROW ESCAPE
(By Telegraph.—Press Association.)
AUCKLAND, This Day.
A narrow escape was experienced by W. A. Cable, of St. King Edward street, when he woke at 3 o'clock on Saturday morning and found his house in flames. He forced his way along the passage, which was filled with smoke and flames, and reached the open air. His face and arms were scorched and burnt. The fire started at the back of the house, and when Cable woke the flames were entering his room.
